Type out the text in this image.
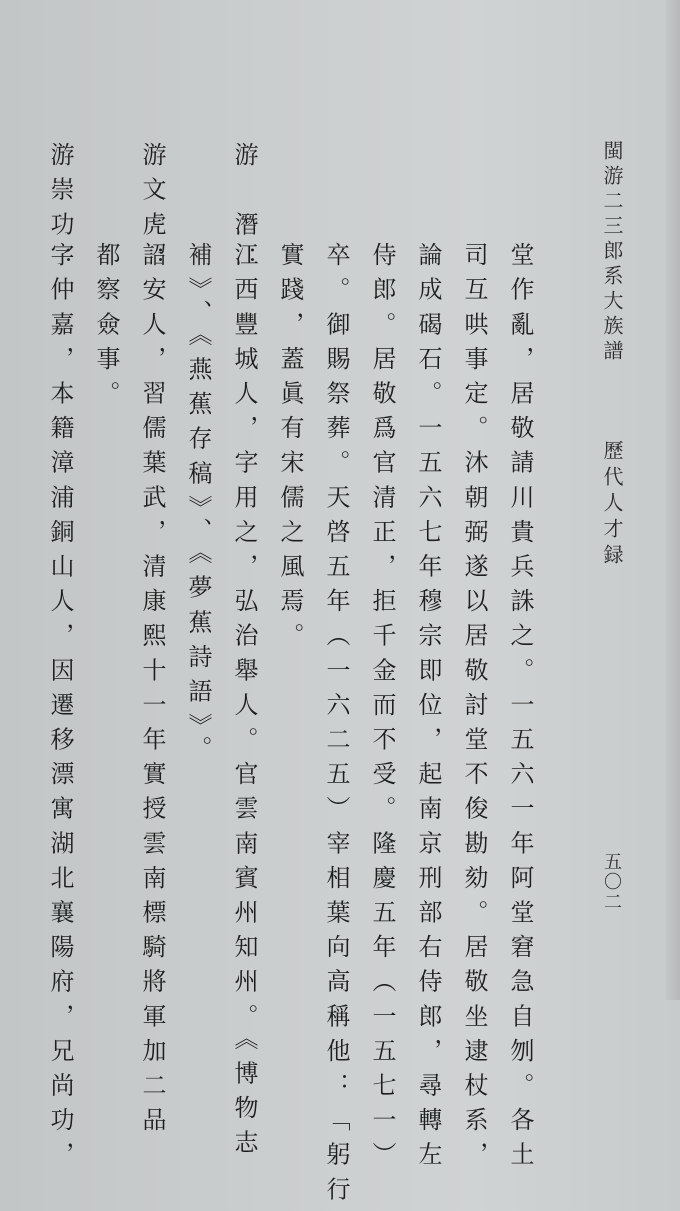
閩游二三郎系大族譜
歷代人才録
五〇二
堂作亂，居敬請川貴兵誅之。一五六一年阿堂窘急自刎。各土
司互哄事定。沐朝弼遂以居敬討堂不俊勘劾。居敬坐逮杖系，
論成碣石。一五六七年穆宗即位，起南京刑部右侍郎，尋轉左
侍郎。居敬爲官清正，拒千金而不受。隆慶五年（一五七一）
卒。御賜祭葬。天啓五年（一六二五）宰相葉向高稱他：「躬行
實踐，蓋眞有宋儒之風焉。
游　潛：
江西豐城人，字用之，弘治舉人。官雲南賓州知州。《博物志
補》、《燕蕉存稿》、《夢蕉詩語》。
游文虎：
詔安人，習儒葉武，清康熙十一年實授雲南標騎將軍加二品
都察僉事。
游崇功：
字仲嘉，本籍漳浦銅山人，因遷移漂寓湖北襄陽府，兄尚功，
